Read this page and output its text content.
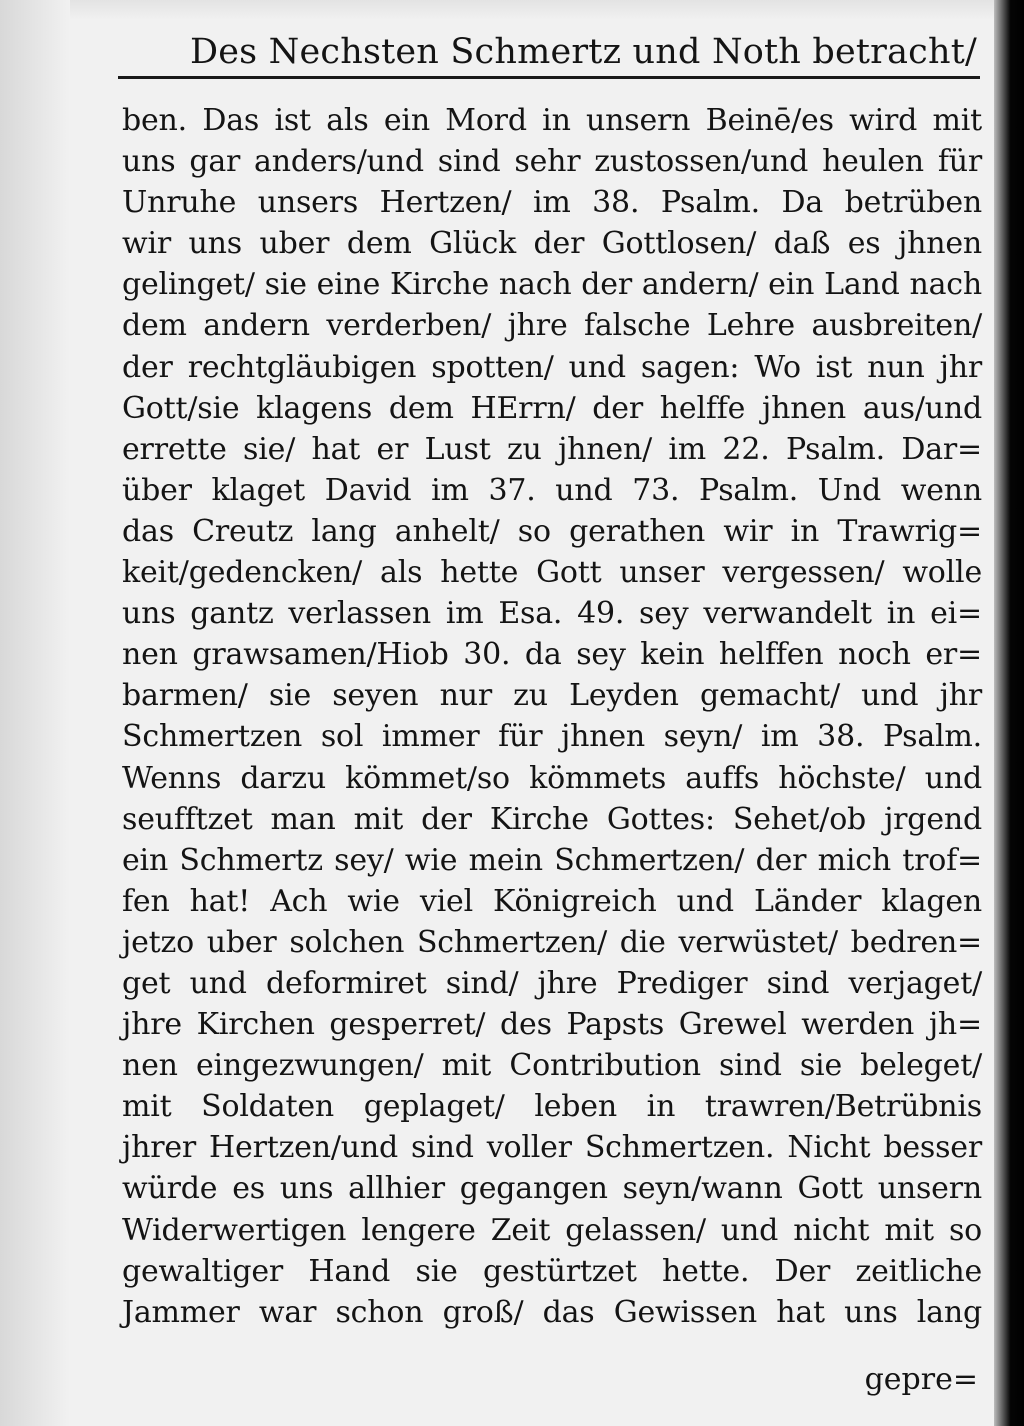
Des Nechsten Schmertz und Noth betracht/
ben. Das ist als ein Mord in unsern Beinē/es wird mit
uns gar anders/und sind sehr zustossen/und heulen für
Unruhe unsers Hertzen/ im 38. Psalm. Da betrüben
wir uns uber dem Glück der Gottlosen/ daß es jhnen
gelinget/ sie eine Kirche nach der andern/ ein Land nach
dem andern verderben/ jhre falsche Lehre ausbreiten/
der rechtgläubigen spotten/ und sagen: Wo ist nun jhr
Gott/sie klagens dem HErrn/ der helffe jhnen aus/und
errette sie/ hat er Lust zu jhnen/ im 22. Psalm. Dar=
über klaget David im 37. und 73. Psalm. Und wenn
das Creutz lang anhelt/ so gerathen wir in Trawrig=
keit/gedencken/ als hette Gott unser vergessen/ wolle
uns gantz verlassen im Esa. 49. sey verwandelt in ei=
nen grawsamen/Hiob 30. da sey kein helffen noch er=
barmen/ sie seyen nur zu Leyden gemacht/ und jhr
Schmertzen sol immer für jhnen seyn/ im 38. Psalm.
Wenns darzu kömmet/so kömmets auffs höchste/ und
seufftzet man mit der Kirche Gottes: Sehet/ob jrgend
ein Schmertz sey/ wie mein Schmertzen/ der mich trof=
fen hat! Ach wie viel Königreich und Länder klagen
jetzo uber solchen Schmertzen/ die verwüstet/ bedren=
get und deformiret sind/ jhre Prediger sind verjaget/
jhre Kirchen gesperret/ des Papsts Grewel werden jh=
nen eingezwungen/ mit Contribution sind sie beleget/
mit Soldaten geplaget/ leben in trawren/Betrübnis
jhrer Hertzen/und sind voller Schmertzen. Nicht besser
würde es uns allhier gegangen seyn/wann Gott unsern
Widerwertigen lengere Zeit gelassen/ und nicht mit so
gewaltiger Hand sie gestürtzet hette. Der zeitliche
Jammer war schon groß/ das Gewissen hat uns lang
gepre=
